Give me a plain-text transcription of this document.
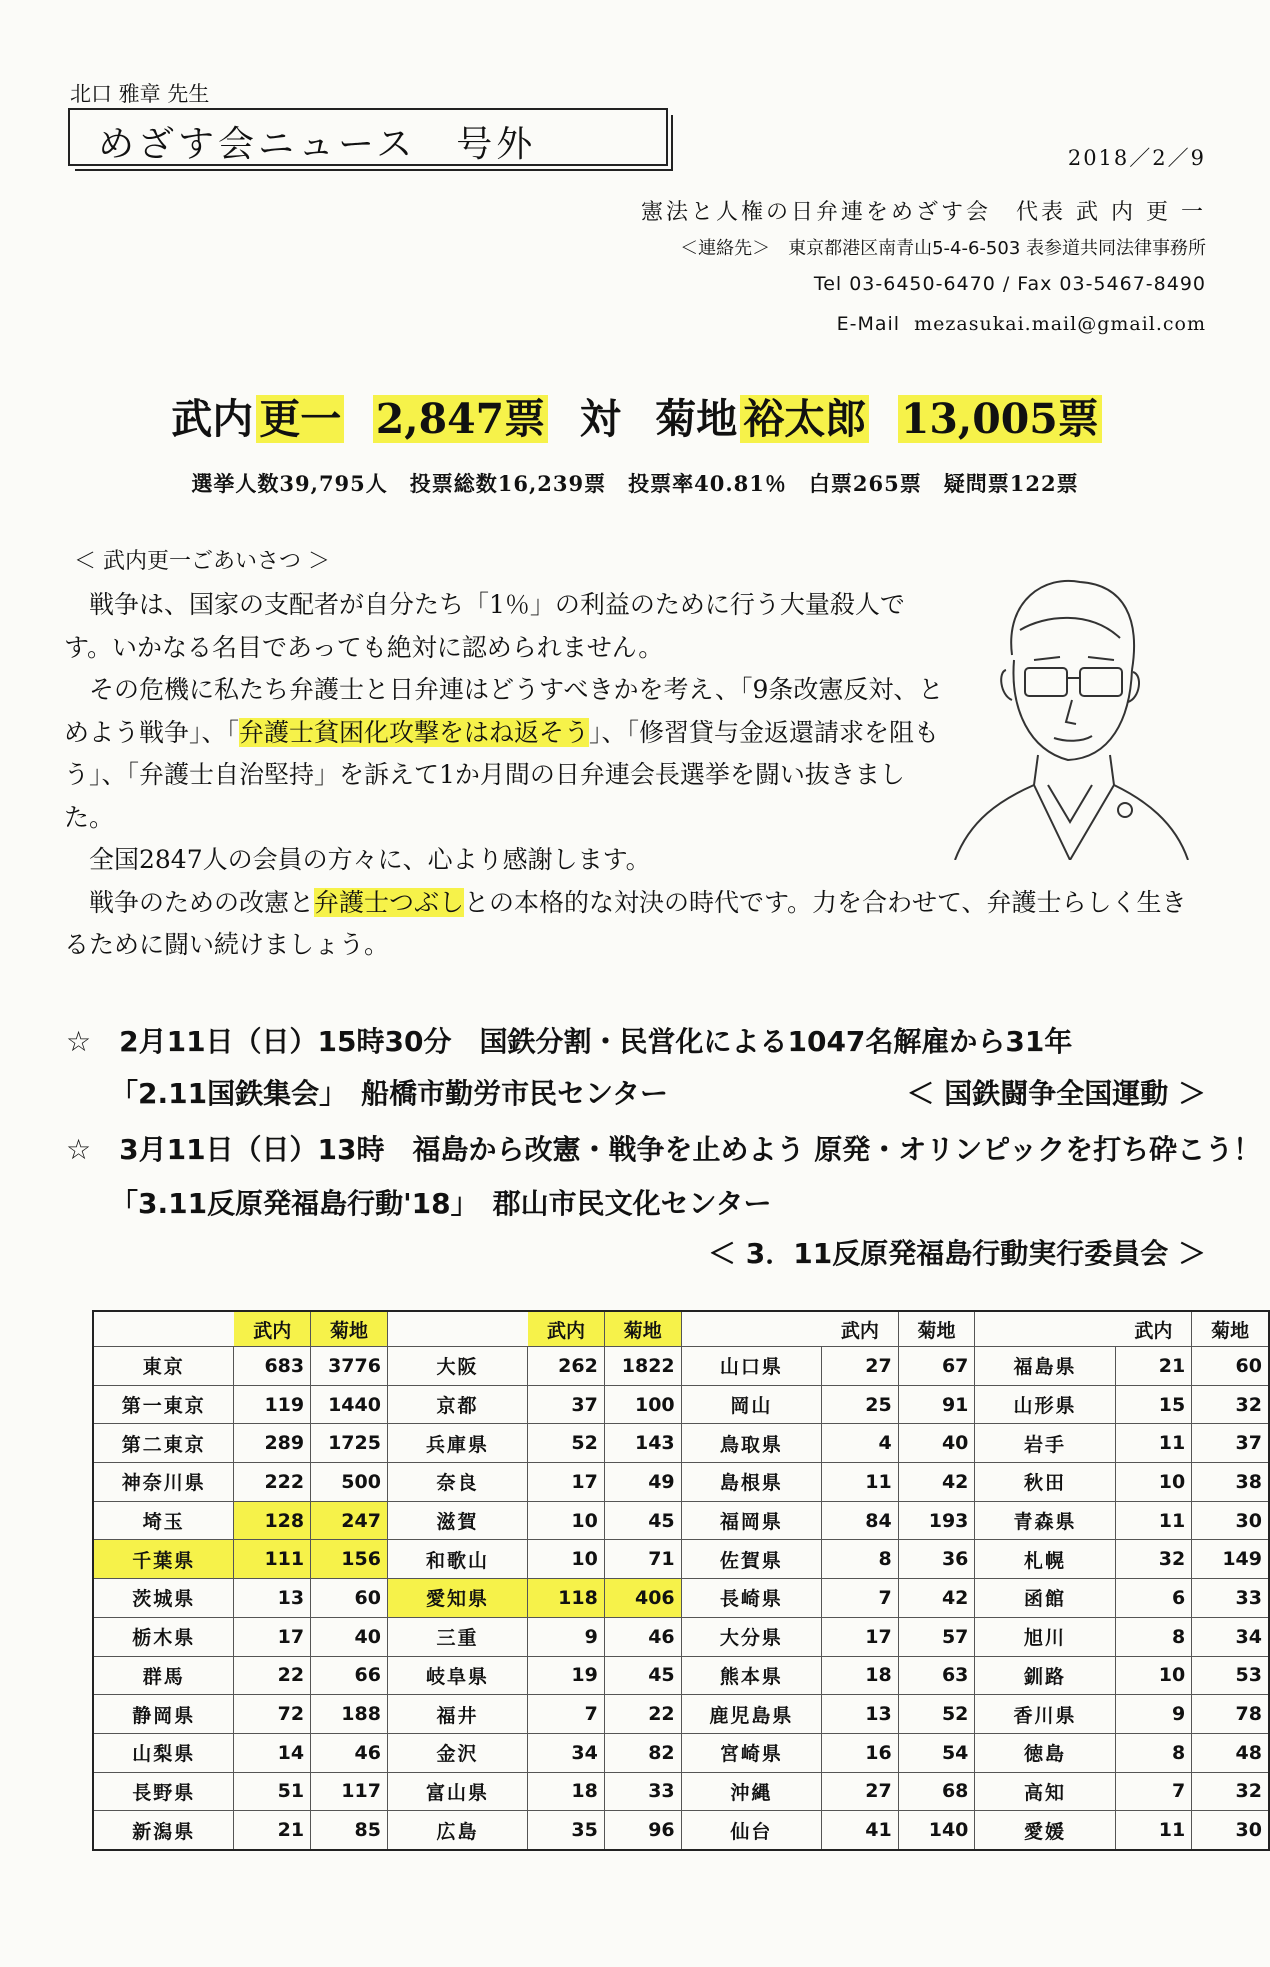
北口 雅章 先生
めざす会ニュース　号外	2018／2／9
憲法と人権の日弁連をめざす会　代表 武 内 更 一
＜連絡先＞　東京都港区南青山5-4-6-503 表参道共同法律事務所
Tel 03-6450-6470 / Fax 03-5467-8490
E-Mail mezasukai.mail@gmail.com
武内 更一 2,847票 対 菊地 裕太郎 13,005票
選挙人数39,795人　投票総数16,239票　投票率40.81％　白票265票　疑問票122票
＜ 武内更一ごあいさつ ＞

戦争は、国家の支配者が自分たち「1％」の利益のために行う大量殺人です。いかなる名目であっても絶対に認められません。

その危機に私たち弁護士と日弁連はどうすべきかを考え、「9条改憲反対、とめよう戦争」、「弁護士貧困化攻撃をはね返そう」、「修習貸与金返還請求を阻もう」、「弁護士自治堅持」を訴えて1か月間の日弁連会長選挙を闘い抜きました。

全国2847人の会員の方々に、心より感謝します。

戦争のための改憲と弁護士つぶしとの本格的な対決の時代です。力を合わせて、弁護士らしく生きるために闘い続けましょう。

☆　2月11日（日）15時30分　国鉄分割・民営化による1047名解雇から31年
「2.11国鉄集会」　船橋市勤労市民センター	＜ 国鉄闘争全国運動 ＞
☆　3月11日（日）13時　福島から改憲・戦争を止めよう 原発・オリンピックを打ち砕こう！
「3.11反原発福島行動'18」　郡山市民文化センター
＜ 3．11反原発福島行動実行委員会 ＞
	武内	菊地		武内	菊地		武内	菊地		武内	菊地
東京	683	3776	大阪	262	1822	山口県	27	67	福島県	21	60
第一東京	119	1440	京都	37	100	岡山	25	91	山形県	15	32
第二東京	289	1725	兵庫県	52	143	鳥取県	4	40	岩手	11	37
神奈川県	222	500	奈良	17	49	島根県	11	42	秋田	10	38
埼玉	128	247	滋賀	10	45	福岡県	84	193	青森県	11	30
千葉県	111	156	和歌山	10	71	佐賀県	8	36	札幌	32	149
茨城県	13	60	愛知県	118	406	長崎県	7	42	函館	6	33
栃木県	17	40	三重	9	46	大分県	17	57	旭川	8	34
群馬	22	66	岐阜県	19	45	熊本県	18	63	釧路	10	53
静岡県	72	188	福井	7	22	鹿児島県	13	52	香川県	9	78
山梨県	14	46	金沢	34	82	宮崎県	16	54	徳島	8	48
長野県	51	117	富山県	18	33	沖縄	27	68	高知	7	32
新潟県	21	85	広島	35	96	仙台	41	140	愛媛	11	30
